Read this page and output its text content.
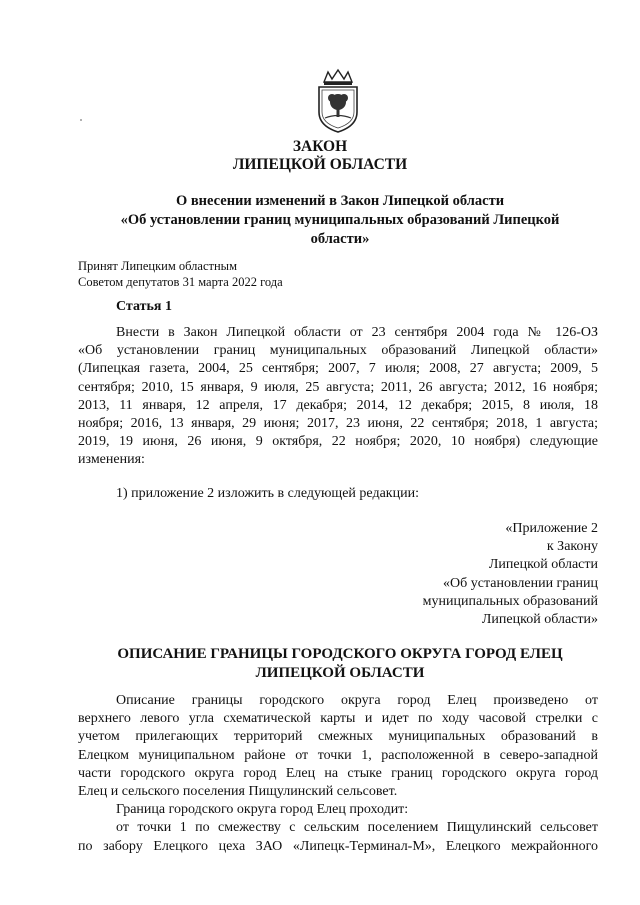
ЗАКОН

ЛИПЕЦКОЙ ОБЛАСТИ

О внесении изменений в Закон Липецкой области

«Об установлении границ муниципальных образований Липецкой

области»

Принят Липецким областным
Советом депутатов 31 марта 2022 года

Статья 1

Внести в Закон Липецкой области от 23 сентября 2004 года № 126-ОЗ
«Об установлении границ муниципальных образований Липецкой области»
(Липецкая газета, 2004, 25 сентября; 2007, 7 июля; 2008, 27 августа; 2009, 5
сентября; 2010, 15 января, 9 июля, 25 августа; 2011, 26 августа; 2012, 16 ноября;
2013, 11 января, 12 апреля, 17 декабря; 2014, 12 декабря; 2015, 8 июля, 18
ноября; 2016, 13 января, 29 июня; 2017, 23 июня, 22 сентября; 2018, 1 августа;
2019, 19 июня, 26 июня, 9 октября, 22 ноября; 2020, 10 ноября) следующие
изменения:

1) приложение 2 изложить в следующей редакции:

«Приложение 2
к Закону
Липецкой области
«Об установлении границ
муниципальных образований
Липецкой области»
ОПИСАНИЕ ГРАНИЦЫ ГОРОДСКОГО ОКРУГА ГОРОД ЕЛЕЦ
ЛИПЕЦКОЙ ОБЛАСТИ
Описание границы городского округа город Елец произведено от
верхнего левого угла схематической карты и идет по ходу часовой стрелки с
учетом прилегающих территорий смежных муниципальных образований в
Елецком муниципальном районе от точки 1, расположенной в северо-западной
части городского округа город Елец на стыке границ городского округа город
Елец и сельского поселения Пищулинский сельсовет.
Граница городского округа город Елец проходит:
от точки 1 по смежеству с сельским поселением Пищулинский сельсовет
по забору Елецкого цеха ЗАО «Липецк-Терминал-М», Елецкого межрайонного
